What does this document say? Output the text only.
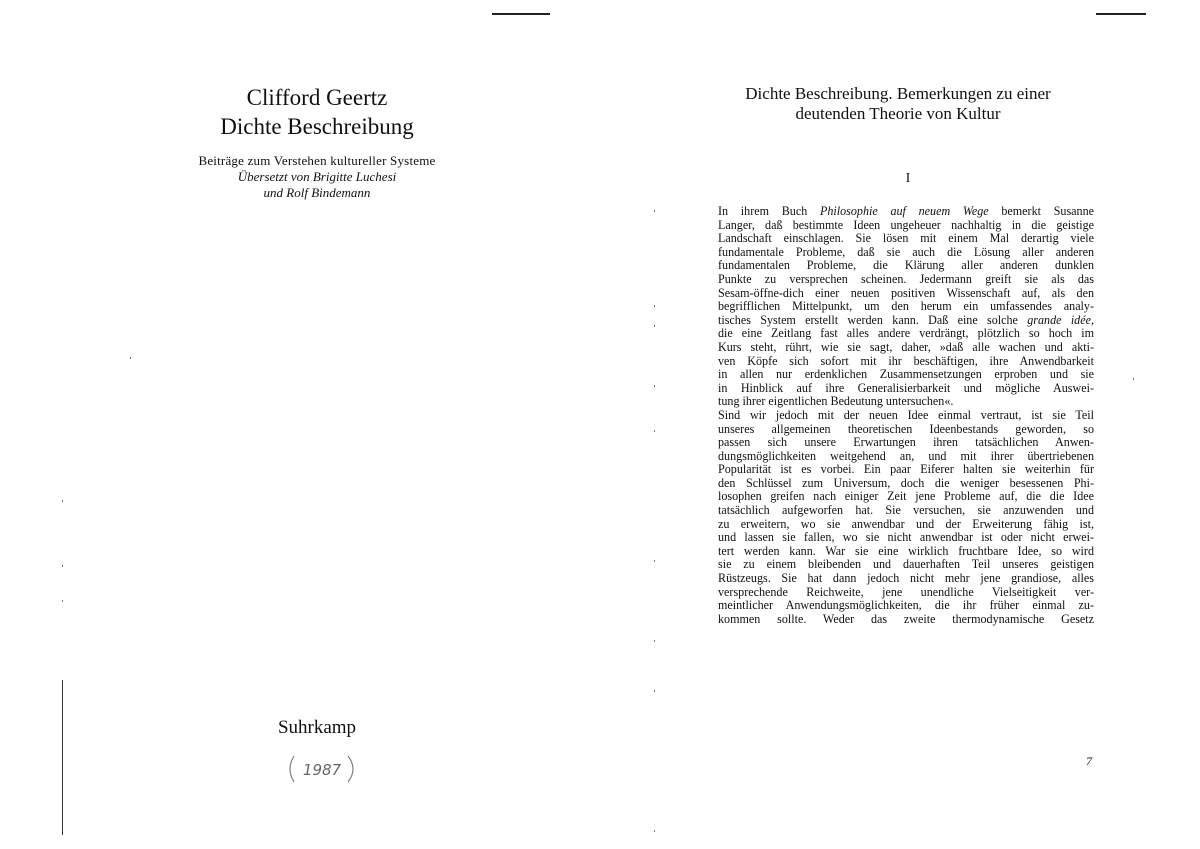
Clifford Geertz
Dichte Beschreibung
Beiträge zum Verstehen kultureller Systeme
Übersetzt von Brigitte Luchesi
und Rolf Bindemann
Suhrkamp
1987
Dichte Beschreibung. Bemerkungen zu einer
deutenden Theorie von Kultur
I
In ihrem Buch Philosophie auf neuem Wege bemerkt Susanne
Langer, daß bestimmte Ideen ungeheuer nachhaltig in die geistige
Landschaft einschlagen. Sie lösen mit einem Mal derartig viele
fundamentale Probleme, daß sie auch die Lösung aller anderen
fundamentalen Probleme, die Klärung aller anderen dunklen
Punkte zu versprechen scheinen. Jedermann greift sie als das
Sesam-öffne-dich einer neuen positiven Wissenschaft auf, als den
begrifflichen Mittelpunkt, um den herum ein umfassendes analy-
tisches System erstellt werden kann. Daß eine solche grande idée,
die eine Zeitlang fast alles andere verdrängt, plötzlich so hoch im
Kurs steht, rührt, wie sie sagt, daher, »daß alle wachen und akti-
ven Köpfe sich sofort mit ihr beschäftigen, ihre Anwendbarkeit
in allen nur erdenklichen Zusammensetzungen erproben und sie
in Hinblick auf ihre Generalisierbarkeit und mögliche Auswei-
tung ihrer eigentlichen Bedeutung untersuchen«.
Sind wir jedoch mit der neuen Idee einmal vertraut, ist sie Teil
unseres allgemeinen theoretischen Ideenbestands geworden, so
passen sich unsere Erwartungen ihren tatsächlichen Anwen-
dungsmöglichkeiten weitgehend an, und mit ihrer übertriebenen
Popularität ist es vorbei. Ein paar Eiferer halten sie weiterhin für
den Schlüssel zum Universum, doch die weniger besessenen Phi-
losophen greifen nach einiger Zeit jene Probleme auf, die die Idee
tatsächlich aufgeworfen hat. Sie versuchen, sie anzuwenden und
zu erweitern, wo sie anwendbar und der Erweiterung fähig ist,
und lassen sie fallen, wo sie nicht anwendbar ist oder nicht erwei-
tert werden kann. War sie eine wirklich fruchtbare Idee, so wird
sie zu einem bleibenden und dauerhaften Teil unseres geistigen
Rüstzeugs. Sie hat dann jedoch nicht mehr jene grandiose, alles
versprechende Reichweite, jene unendliche Vielseitigkeit ver-
meintlicher Anwendungsmöglichkeiten, die ihr früher einmal zu-
kommen sollte. Weder das zweite thermodynamische Gesetz
7
